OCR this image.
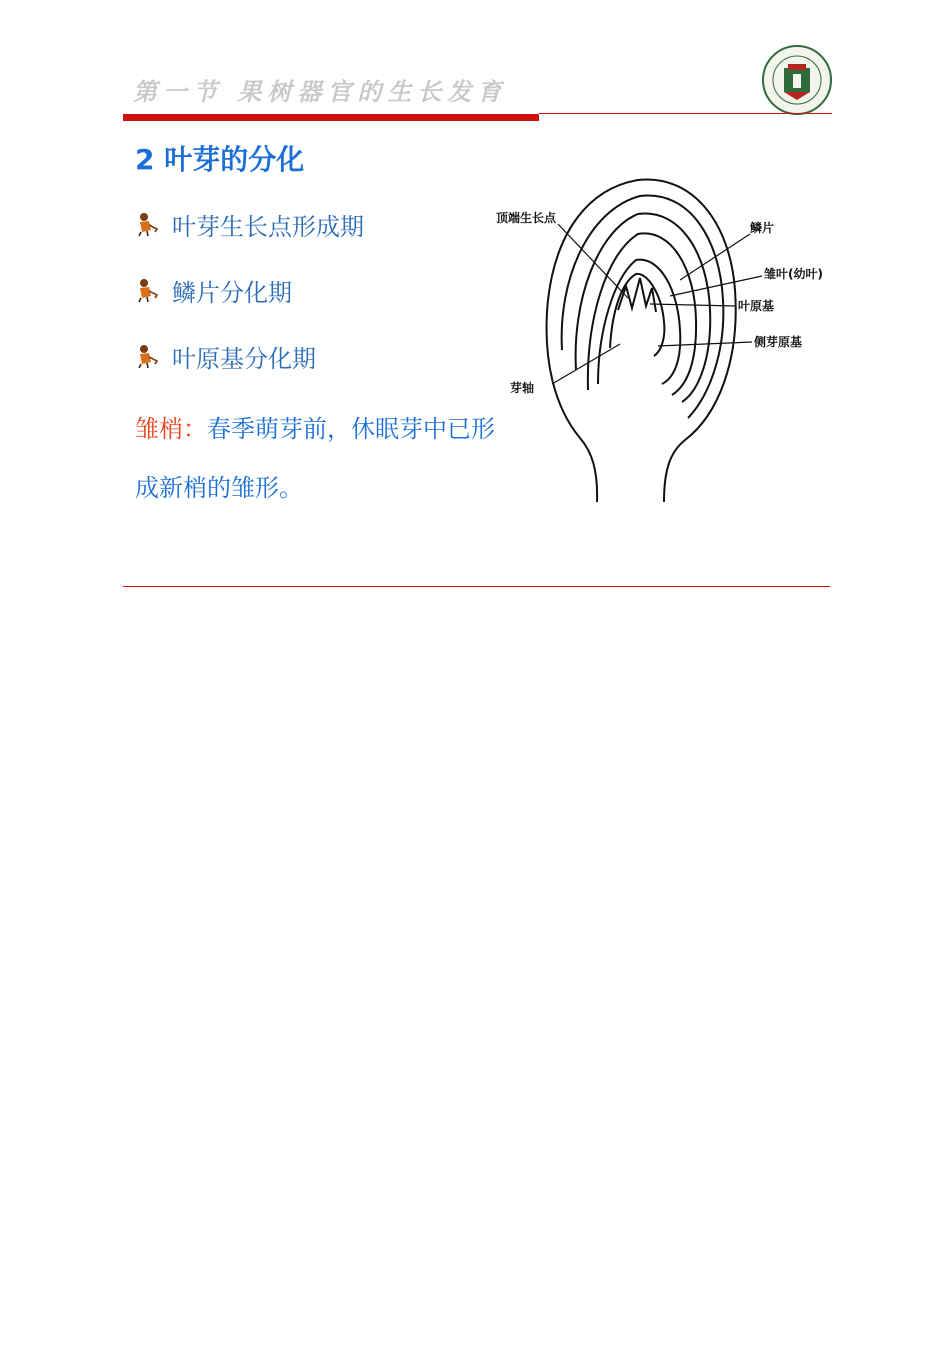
第一节 果树器官的生长发育
2 叶芽的分化
叶芽生长点形成期
鳞片分化期
叶原基分化期
雏梢：春季萌芽前，休眠芽中已形成新梢的雏形。
顶端生长点
鳞片
雏叶(幼叶)
叶原基
侧芽原基
芽轴
